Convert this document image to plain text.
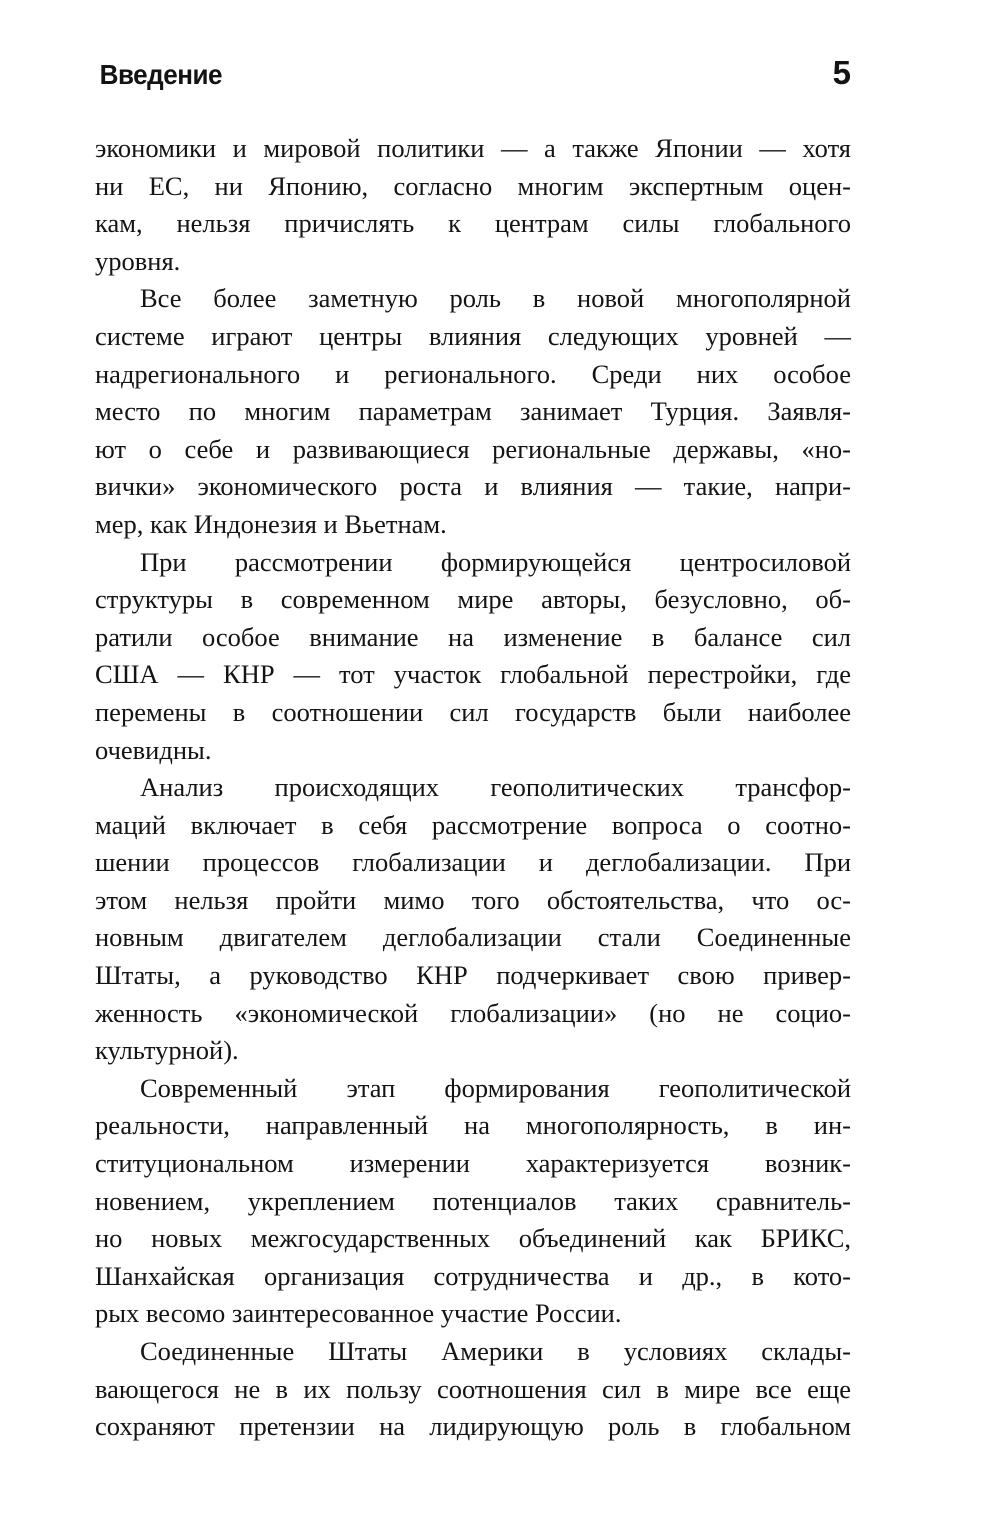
Введение	5
экономики и мировой политики — а также Японии — хотя
ни ЕС, ни Японию, согласно многим экспертным оцен-
кам, нельзя причислять к центрам силы глобального
уровня.
Все более заметную роль в новой многополярной
системе играют центры влияния следующих уровней —
надрегионального и регионального. Среди них особое
место по многим параметрам занимает Турция. Заявля-
ют о себе и развивающиеся региональные державы, «но-
вички» экономического роста и влияния — такие, напри-
мер, как Индонезия и Вьетнам.
При рассмотрении формирующейся центросиловой
структуры в современном мире авторы, безусловно, об-
ратили особое внимание на изменение в балансе сил
США — КНР — тот участок глобальной перестройки, где
перемены в соотношении сил государств были наиболее
очевидны.
Анализ происходящих геополитических трансфор-
маций включает в себя рассмотрение вопроса о соотно-
шении процессов глобализации и деглобализации. При
этом нельзя пройти мимо того обстоятельства, что ос-
новным двигателем деглобализации стали Соединенные
Штаты, а руководство КНР подчеркивает свою привер-
женность «экономической глобализации» (но не социо-
культурной).
Современный этап формирования геополитической
реальности, направленный на многополярность, в ин-
ституциональном измерении характеризуется возник-
новением, укреплением потенциалов таких сравнитель-
но новых межгосударственных объединений как БРИКС,
Шанхайская организация сотрудничества и др., в кото-
рых весомо заинтересованное участие России.
Соединенные Штаты Америки в условиях склады-
вающегося не в их пользу соотношения сил в мире все еще
сохраняют претензии на лидирующую роль в глобальном
